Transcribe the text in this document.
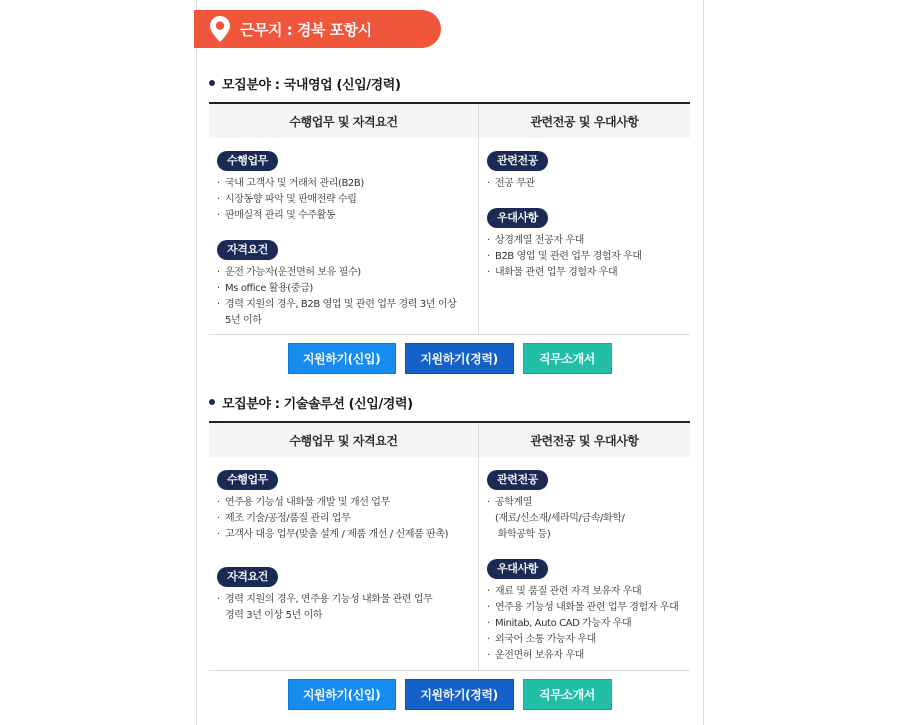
근무지 : 경북 포항시
모집분야 : 국내영업 (신입/경력)
수행업무 및 자격요건	관련전공 및 우대사항
수행업무
· 국내 고객사 및 거래처 관리(B2B)
· 시장동향 파악 및 판매전략 수립
· 판매실적 관리 및 수주활동
자격요건
· 운전 가능자(운전면허 보유 필수)
· Ms office 활용(중급)
· 경력 지원의 경우, B2B 영업 및 관련 업무 경력 3년 이상
5년 이하
관련전공
· 전공 무관
우대사항
· 상경계열 전공자 우대
· B2B 영업 및 관련 업무 경험자 우대
· 내화물 관련 업무 경험자 우대
지원하기(신입)	지원하기(경력)	직무소개서
모집분야 : 기술솔루션 (신입/경력)
수행업무 및 자격요건	관련전공 및 우대사항
수행업무
· 연주용 기능성 내화물 개발 및 개선 업무
· 제조 기술/공정/품질 관리 업무
· 고객사 대응 업무(맞춤 설계 / 제품 개선 / 신제품 판촉)
자격요건
· 경력 지원의 경우, 연주용 기능성 내화물 관련 업무
경력 3년 이상 5년 이하
관련전공
· 공학계열
(재료/신소재/세라믹/금속/화학/
화학공학 등)
우대사항
· 재료 및 품질 관련 자격 보유자 우대
· 연주용 기능성 내화물 관련 업무 경험자 우대
· Minitab, Auto CAD 가능자 우대
· 외국어 소통 가능자 우대
· 운전면허 보유자 우대
지원하기(신입)	지원하기(경력)	직무소개서
